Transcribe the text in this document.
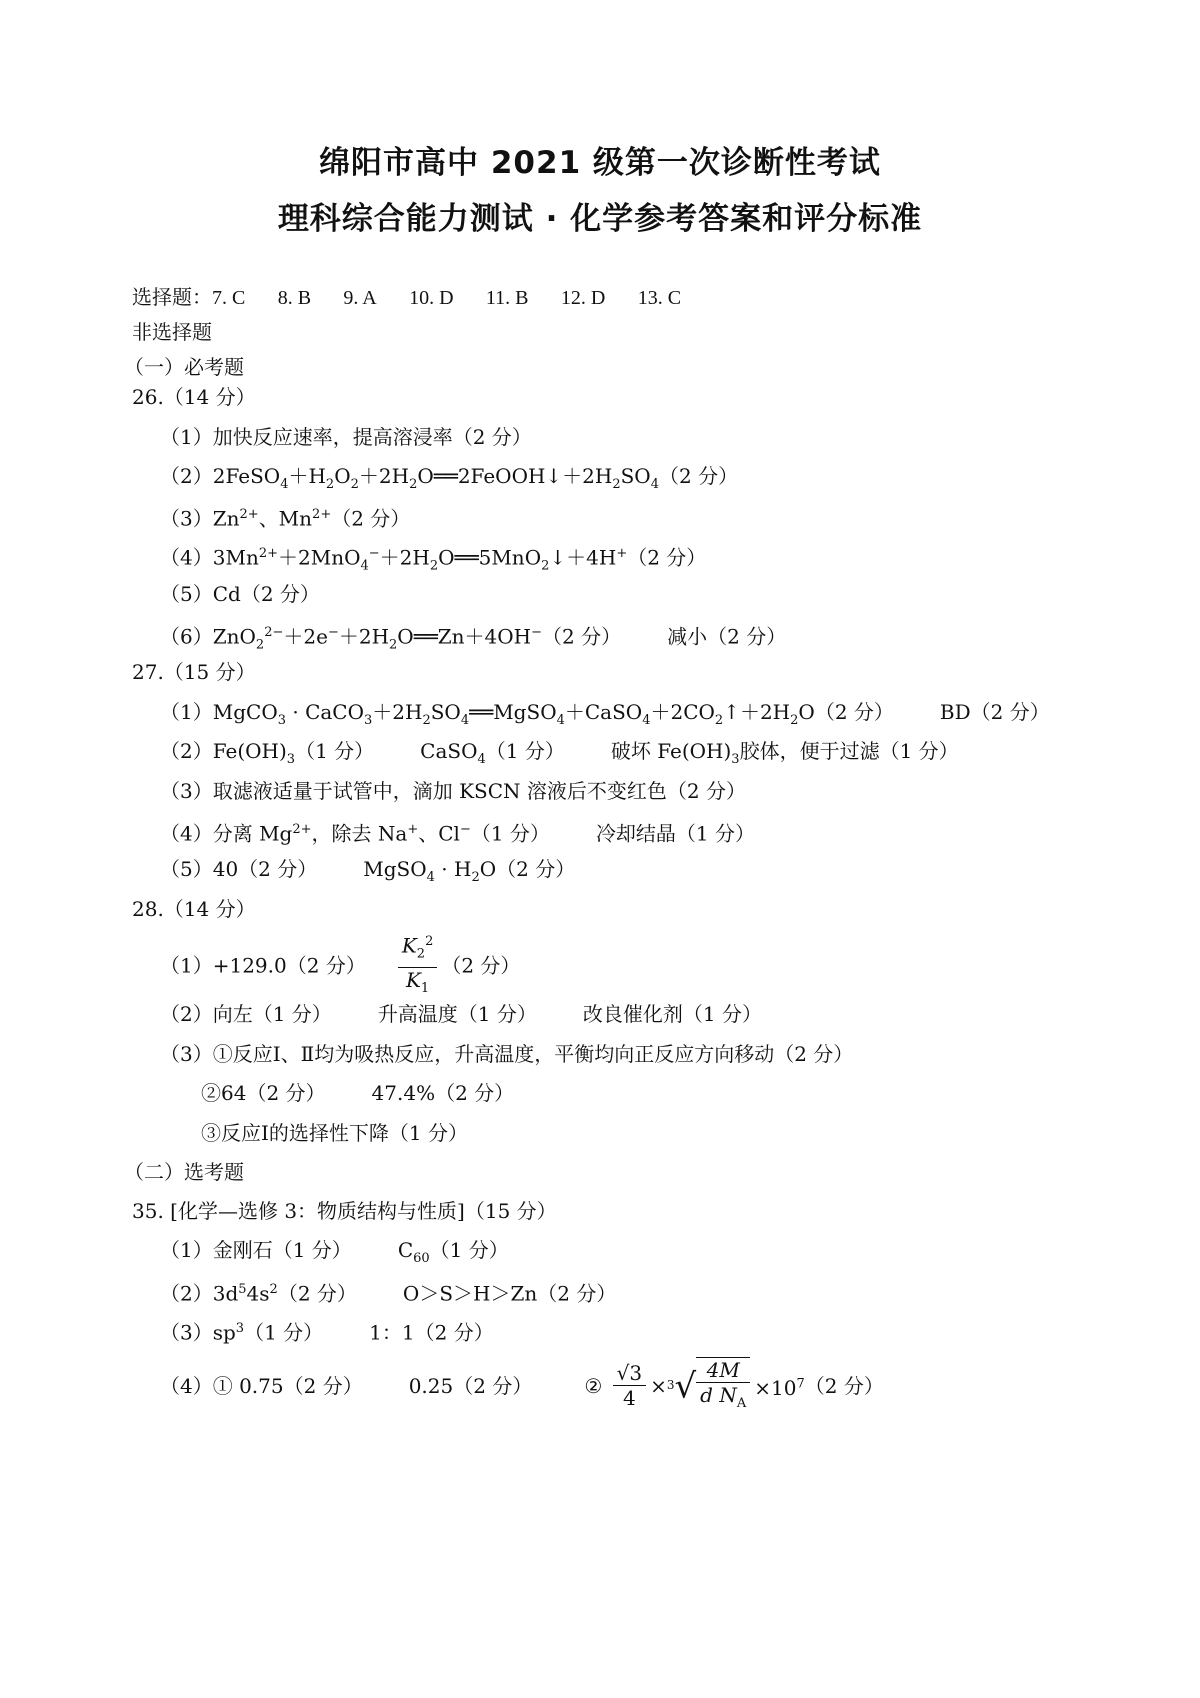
绵阳市高中 2021 级第一次诊断性考试
理科综合能力测试 · 化学参考答案和评分标准
选择题：7. C 8. B 9. A 10. D 11. B 12. D 13. C
非选择题
（一）必考题
26.（14 分）
（1）加快反应速率，提高溶浸率（2 分）
$(2)2FeSO_4+H_2O_2+2H_2O══2FeOOH↓+2H_2SO_4(2$ 分）
$(3)Zn^{2+}$、$Mn^{2+}(2$ 分）
$(4)3Mn^{2+}+2MnO_4^-+2H_2O══5MnO_2↓+4H^+(2$ 分）
（5）Cd（2 分）
$(6)ZnO_2^{2-}+2e^-+2H_2O══Zn+4OH^-(2$ 分） 减小（2 分）
27.（15 分）
（1）MgCO$_3$ · $CaCO_3+2H_2SO_4══MgSO_4+CaSO_4+2CO_2↑+2H_2O(2$ 分） BD（2 分）
$(2)Fe(OH)_3(1$ 分） CaSO$_4$（1 分） 破坏 $Fe(OH)_3$胶体，便于过滤（1 分）
（3）取滤液适量于试管中，滴加 KSCN 溶液后不变红色（2 分）
（4）分离 $Mg^{2+}$，除去 Na+、Cl−（1 分） 冷却结晶（1 分）
（5）40（2 分） MgSO$_4$ · $H_2O(2$ 分）
28.（14 分）
（1）+129.0（2 分） $\frac{K_2^2}{K_1} (2$ 分）
（2）向左（1 分） 升高温度（1 分） 改良催化剂（1 分）
（3）①反应Ⅰ、Ⅱ均为吸热反应，升高温度，平衡均向正反应方向移动（2 分）
②64（2 分） 47.4%（2 分）
③反应Ⅰ的选择性下降（1 分）
（二）选考题
35. [化学—选修 3：物质结构与性质]（15 分）
（1）金刚石（1 分） $C_{60}(1$ 分）
$(2)3d^54s^2(2$ 分） O＞S＞H＞Zn（2 分）
$(3)sp^3(1$ 分） 1：1（2 分）
（4）① 0.75（2 分） 0.25（2 分）	② $\frac{√3}{4} \times^3√ \frac{4M}{d N_A} \times 10^7(2$ 分）
